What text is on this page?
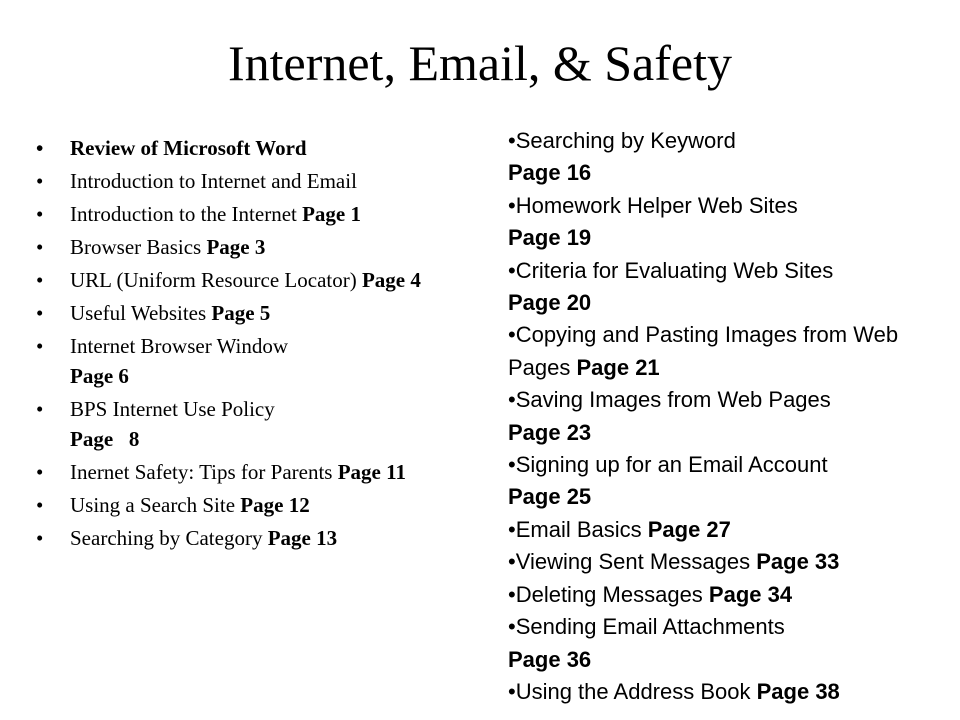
Internet, Email, & Safety
• Review of Microsoft Word
• Introduction to Internet and Email
• Introduction to the Internet Page 1
• Browser Basics Page 3
• URL (Uniform Resource Locator) Page 4
• Useful Websites Page 5
• Internet Browser Window
Page 6
• BPS Internet Use Policy
Page   8
• Inernet Safety: Tips for Parents Page 11
• Using a Search Site Page 12
• Searching by Category Page 13

•Searching by Keyword
Page 16

•Homework Helper Web Sites
Page 19

•Criteria for Evaluating Web Sites
Page 20

•Copying and Pasting Images from Web Pages Page 21

•Saving Images from Web Pages
Page 23

•Signing up for an Email Account
Page 25

•Email Basics Page 27

•Viewing Sent Messages Page 33

•Deleting Messages Page 34

•Sending Email Attachments
Page 36

•Using the Address Book Page 38
